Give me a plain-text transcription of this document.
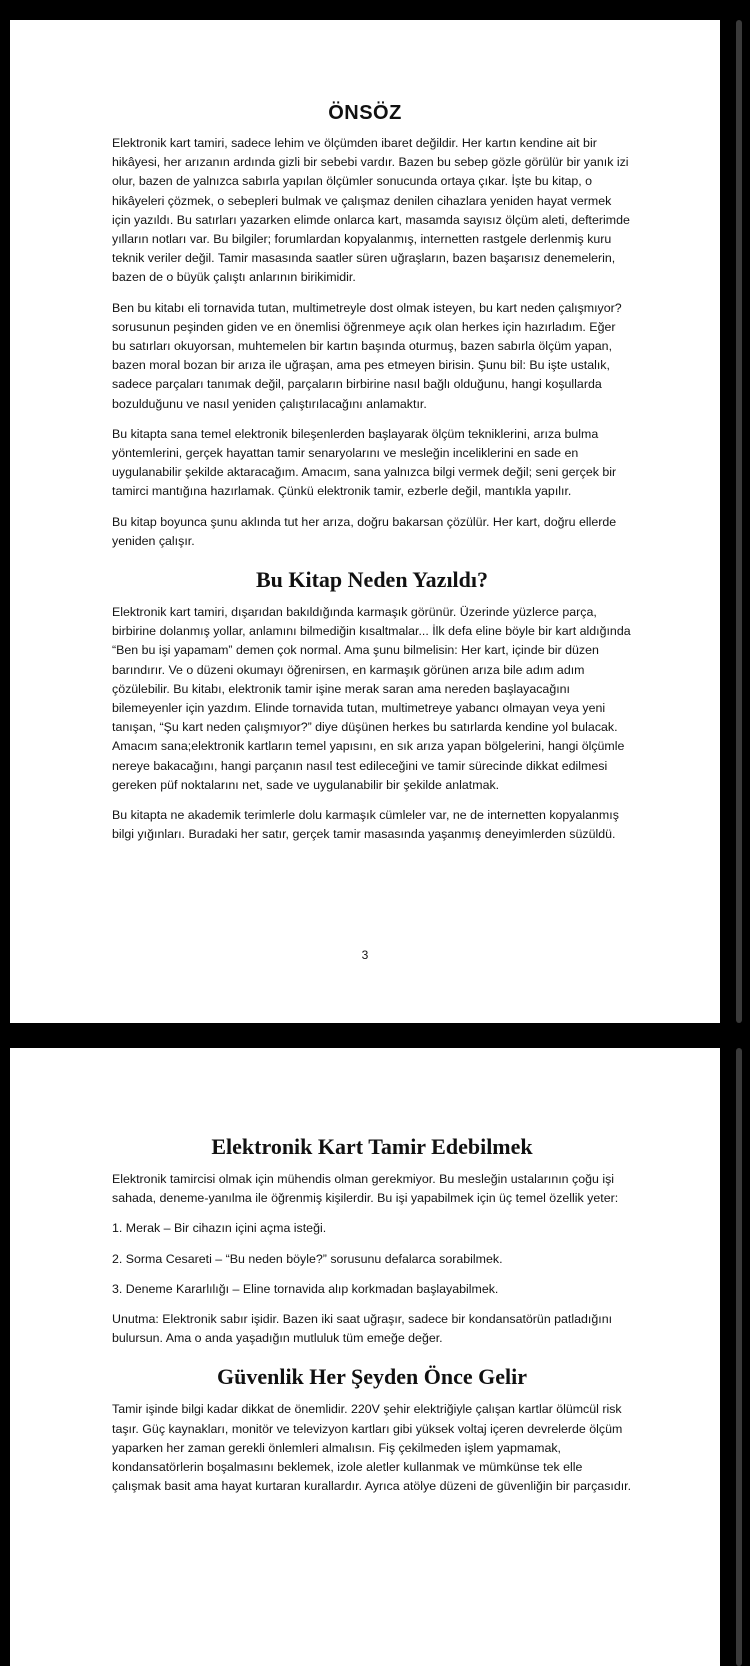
ÖNSÖZ

Elektronik kart tamiri, sadece lehim ve ölçümden ibaret değildir. Her kartın kendine ait bir hikâyesi, her arızanın ardında gizli bir sebebi vardır. Bazen bu sebep gözle görülür bir yanık izi olur, bazen de yalnızca sabırla yapılan ölçümler sonucunda ortaya çıkar. İşte bu kitap, o hikâyeleri çözmek, o sebepleri bulmak ve çalışmaz denilen cihazlara yeniden hayat vermek için yazıldı. Bu satırları yazarken elimde onlarca kart, masamda sayısız ölçüm aleti, defterimde yılların notları var. Bu bilgiler; forumlardan kopyalanmış, internetten rastgele derlenmiş kuru teknik veriler değil. Tamir masasında saatler süren uğraşların, bazen başarısız denemelerin, bazen de o büyük çalıştı anlarının birikimidir.

Ben bu kitabı eli tornavida tutan, multimetreyle dost olmak isteyen, bu kart neden çalışmıyor? sorusunun peşinden giden ve en önemlisi öğrenmeye açık olan herkes için hazırladım. Eğer bu satırları okuyorsan, muhtemelen bir kartın başında oturmuş, bazen sabırla ölçüm yapan, bazen moral bozan bir arıza ile uğraşan, ama pes etmeyen birisin. Şunu bil: Bu işte ustalık, sadece parçaları tanımak değil, parçaların birbirine nasıl bağlı olduğunu, hangi koşullarda bozulduğunu ve nasıl yeniden çalıştırılacağını anlamaktır.

Bu kitapta sana temel elektronik bileşenlerden başlayarak ölçüm tekniklerini, arıza bulma yöntemlerini, gerçek hayattan tamir senaryolarını ve mesleğin inceliklerini en sade en uygulanabilir şekilde aktaracağım. Amacım, sana yalnızca bilgi vermek değil; seni gerçek bir tamirci mantığına hazırlamak. Çünkü elektronik tamir, ezberle değil, mantıkla yapılır.

Bu kitap boyunca şunu aklında tut her arıza, doğru bakarsan çözülür. Her kart, doğru ellerde yeniden çalışır.

Bu Kitap Neden Yazıldı?

Elektronik kart tamiri, dışarıdan bakıldığında karmaşık görünür. Üzerinde yüzlerce parça, birbirine dolanmış yollar, anlamını bilmediğin kısaltmalar... İlk defa eline böyle bir kart aldığında “Ben bu işi yapamam” demen çok normal. Ama şunu bilmelisin: Her kart, içinde bir düzen barındırır. Ve o düzeni okumayı öğrenirsen, en karmaşık görünen arıza bile adım adım çözülebilir. Bu kitabı, elektronik tamir işine merak saran ama nereden başlayacağını bilemeyenler için yazdım. Elinde tornavida tutan, multimetreye yabancı olmayan veya yeni tanışan, “Şu kart neden çalışmıyor?” diye düşünen herkes bu satırlarda kendine yol bulacak. Amacım sana;elektronik kartların temel yapısını, en sık arıza yapan bölgelerini, hangi ölçümle nereye bakacağını, hangi parçanın nasıl test edileceğini ve tamir sürecinde dikkat edilmesi gereken püf noktalarını net, sade ve uygulanabilir bir şekilde anlatmak.

Bu kitapta ne akademik terimlerle dolu karmaşık cümleler var, ne de internetten kopyalanmış bilgi yığınları. Buradaki her satır, gerçek tamir masasında yaşanmış deneyimlerden süzüldü.

3
Elektronik Kart Tamir Edebilmek

Elektronik tamircisi olmak için mühendis olman gerekmiyor. Bu mesleğin ustalarının çoğu işi sahada, deneme-yanılma ile öğrenmiş kişilerdir. Bu işi yapabilmek için üç temel özellik yeter:

1. Merak – Bir cihazın içini açma isteği.

2. Sorma Cesareti – “Bu neden böyle?” sorusunu defalarca sorabilmek.

3. Deneme Kararlılığı – Eline tornavida alıp korkmadan başlayabilmek.

Unutma: Elektronik sabır işidir. Bazen iki saat uğraşır, sadece bir kondansatörün patladığını bulursun. Ama o anda yaşadığın mutluluk tüm emeğe değer.

Güvenlik Her Şeyden Önce Gelir

Tamir işinde bilgi kadar dikkat de önemlidir. 220V şehir elektriğiyle çalışan kartlar ölümcül risk taşır. Güç kaynakları, monitör ve televizyon kartları gibi yüksek voltaj içeren devrelerde ölçüm yaparken her zaman gerekli önlemleri almalısın. Fiş çekilmeden işlem yapmamak, kondansatörlerin boşalmasını beklemek, izole aletler kullanmak ve mümkünse tek elle çalışmak basit ama hayat kurtaran kurallardır. Ayrıca atölye düzeni de güvenliğin bir parçasıdır.
